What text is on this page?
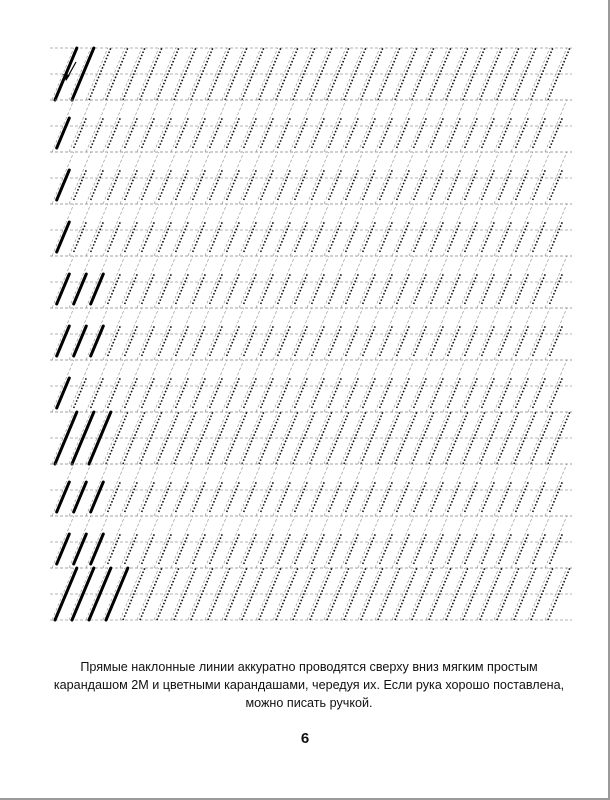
Прямые наклонные линии аккуратно проводятся сверху вниз мягким простым карандашом 2М и цветными карандашами, чередуя их. Если рука хорошо поставлена, можно писать ручкой.
6
